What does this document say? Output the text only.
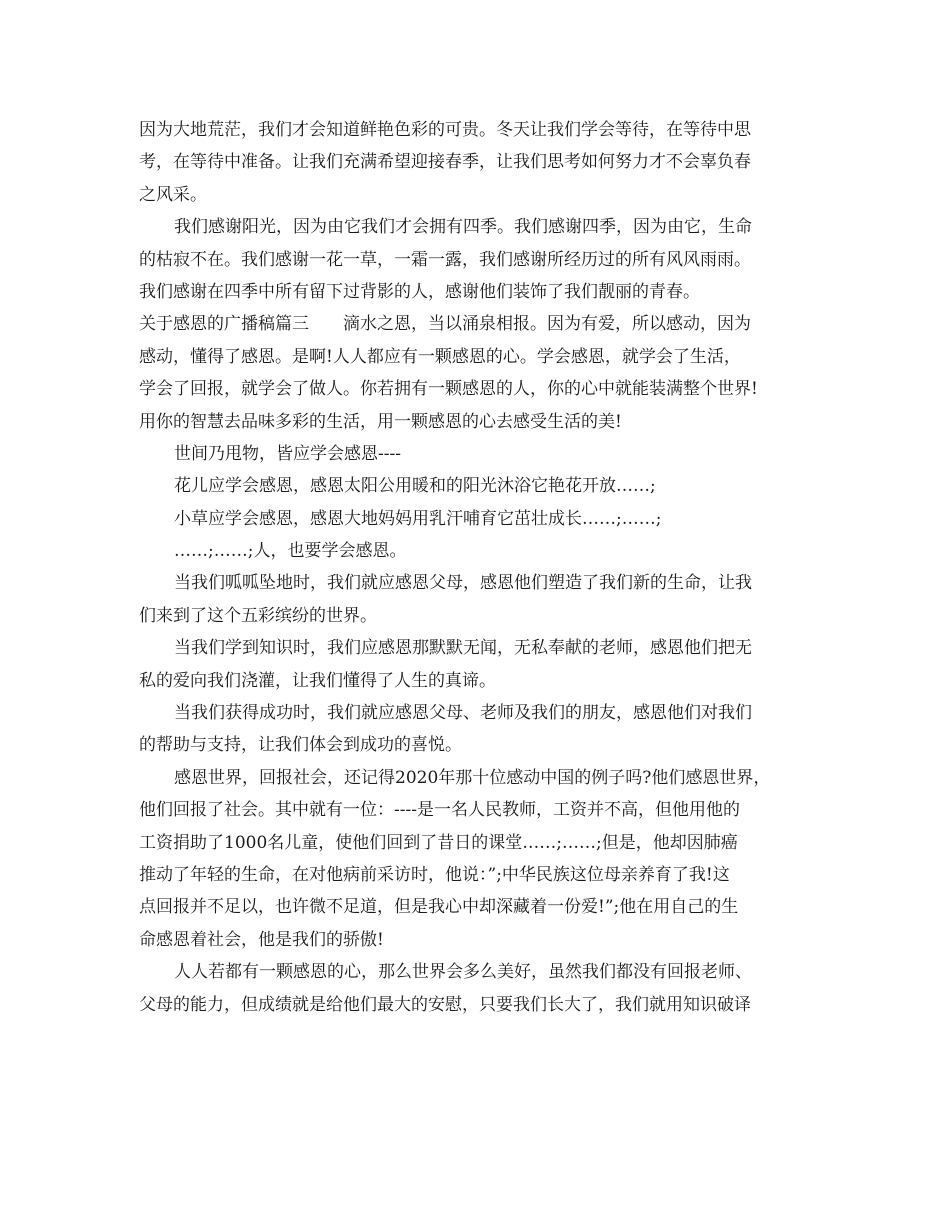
因为大地荒茫，我们才会知道鲜艳色彩的可贵。冬天让我们学会等待，在等待中思
考，在等待中准备。让我们充满希望迎接春季，让我们思考如何努力才不会辜负春
之风采。
我们感谢阳光，因为由它我们才会拥有四季。我们感谢四季，因为由它，生命
的枯寂不在。我们感谢一花一草，一霜一露，我们感谢所经历过的所有风风雨雨。
我们感谢在四季中所有留下过背影的人，感谢他们装饰了我们靓丽的青春。
关于感恩的广播稿篇三　　滴水之恩，当以涌泉相报。因为有爱，所以感动，因为
感动，懂得了感恩。是啊!人人都应有一颗感恩的心。学会感恩，就学会了生活，
学会了回报，就学会了做人。你若拥有一颗感恩的人，你的心中就能装满整个世界!
用你的智慧去品味多彩的生活，用一颗感恩的心去感受生活的美!
世间乃甩物，皆应学会感恩----
花儿应学会感恩，感恩太阳公用暖和的阳光沐浴它艳花开放……;
小草应学会感恩，感恩大地妈妈用乳汗哺育它茁壮成长……;……;
……;……;人，也要学会感恩。
当我们呱呱坠地时，我们就应感恩父母，感恩他们塑造了我们新的生命，让我
们来到了这个五彩缤纷的世界。
当我们学到知识时，我们应感恩那默默无闻，无私奉献的老师，感恩他们把无
私的爱向我们浇灌，让我们懂得了人生的真谛。
当我们获得成功时，我们就应感恩父母、老师及我们的朋友，感恩他们对我们
的帮助与支持，让我们体会到成功的喜悦。
感恩世界，回报社会，还记得2020年那十位感动中国的例子吗?他们感恩世界，
他们回报了社会。其中就有一位：----是一名人民教师，工资并不高，但他用他的
工资捐助了1000名儿童，使他们回到了昔日的课堂……;……;但是，他却因肺癌
推动了年轻的生命，在对他病前采访时，他说：”;中华民族这位母亲养育了我!这
点回报并不足以，也许微不足道，但是我心中却深藏着一份爱!”;他在用自己的生
命感恩着社会，他是我们的骄傲!
人人若都有一颗感恩的心，那么世界会多么美好，虽然我们都没有回报老师、
父母的能力，但成绩就是给他们最大的安慰，只要我们长大了，我们就用知识破译
